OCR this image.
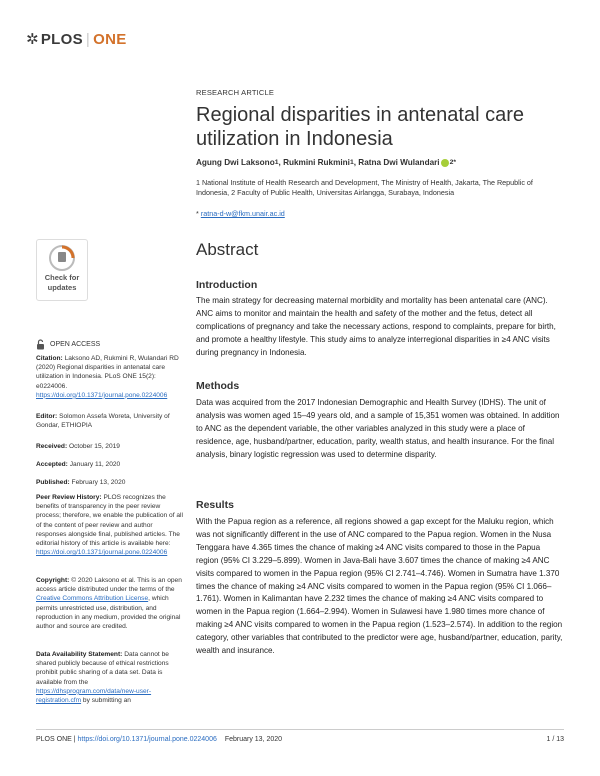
✲ PLOS | ONE
RESEARCH ARTICLE
Regional disparities in antenatal care utilization in Indonesia
Agung Dwi Laksono 1 , Rukmini Rukmini 1 , Ratna Dwi Wulandari 2 *
1 National Institute of Health Research and Development, The Ministry of Health, Jakarta, The Republic of Indonesia, 2 Faculty of Public Health, Universitas Airlangga, Surabaya, Indonesia
* ratna-d-w@fkm.unair.ac.id
Check for
updates
OPEN ACCESS
Citation: Laksono AD, Rukmini R, Wulandari RD (2020) Regional disparities in antenatal care utilization in Indonesia. PLoS ONE 15(2): e0224006. https://doi.org/10.1371/journal.pone.0224006
Editor: Solomon Assefa Woreta, University of Gondar, ETHIOPIA
Received: October 15, 2019
Accepted: January 11, 2020
Published: February 13, 2020
Peer Review History: PLOS recognizes the benefits of transparency in the peer review process; therefore, we enable the publication of all of the content of peer review and author responses alongside final, published articles. The editorial history of this article is available here: https://doi.org/10.1371/journal.pone.0224006
Copyright: © 2020 Laksono et al. This is an open access article distributed under the terms of the Creative Commons Attribution License, which permits unrestricted use, distribution, and reproduction in any medium, provided the original author and source are credited.
Data Availability Statement: Data cannot be shared publicly because of ethical restrictions prohibit public sharing of a data set. Data is available from the https://dhsprogram.com/data/new-user-registration.cfm by submitting an
Abstract
Introduction

The main strategy for decreasing maternal morbidity and mortality has been antenatal care (ANC). ANC aims to monitor and maintain the health and safety of the mother and the fetus, detect all complications of pregnancy and take the necessary actions, respond to complaints, prepare for birth, and promote a healthy lifestyle. This study aims to analyze interregional disparities in ≥4 ANC visits during pregnancy in Indonesia.

Methods

Data was acquired from the 2017 Indonesian Demographic and Health Survey (IDHS). The unit of analysis was women aged 15–49 years old, and a sample of 15,351 women was obtained. In addition to ANC as the dependent variable, the other variables analyzed in this study were a place of residence, age, husband/partner, education, parity, wealth status, and health insurance. For the final analysis, binary logistic regression was used to determine disparity.

Results

With the Papua region as a reference, all regions showed a gap except for the Maluku region, which was not significantly different in the use of ANC compared to the Papua region. Women in the Nusa Tenggara have 4.365 times the chance of making ≥4 ANC visits compared to those in the Papua region (95% CI 3.229–5.899). Women in Java-Bali have 3.607 times the chance of making ≥4 ANC visits compared to women in the Papua region (95% CI 2.741–4.746). Women in Sumatra have 1.370 times the chance of making ≥4 ANC visits compared to women in the Papua region (95% CI 1.066–1.761). Women in Kalimantan have 2.232 times the chance of making ≥4 ANC visits compared to women in the Papua region (1.664–2.994). Women in Sulawesi have 1.980 times more chance of making ≥4 ANC visits compared to women in the Papua region (1.523–2.574). In addition to the region category, other variables that contributed to the predictor were age, husband/partner, education, parity, wealth and insurance.

PLOS ONE | https://doi.org/10.1371/journal.pone.0224006 February 13, 2020	1 / 13
